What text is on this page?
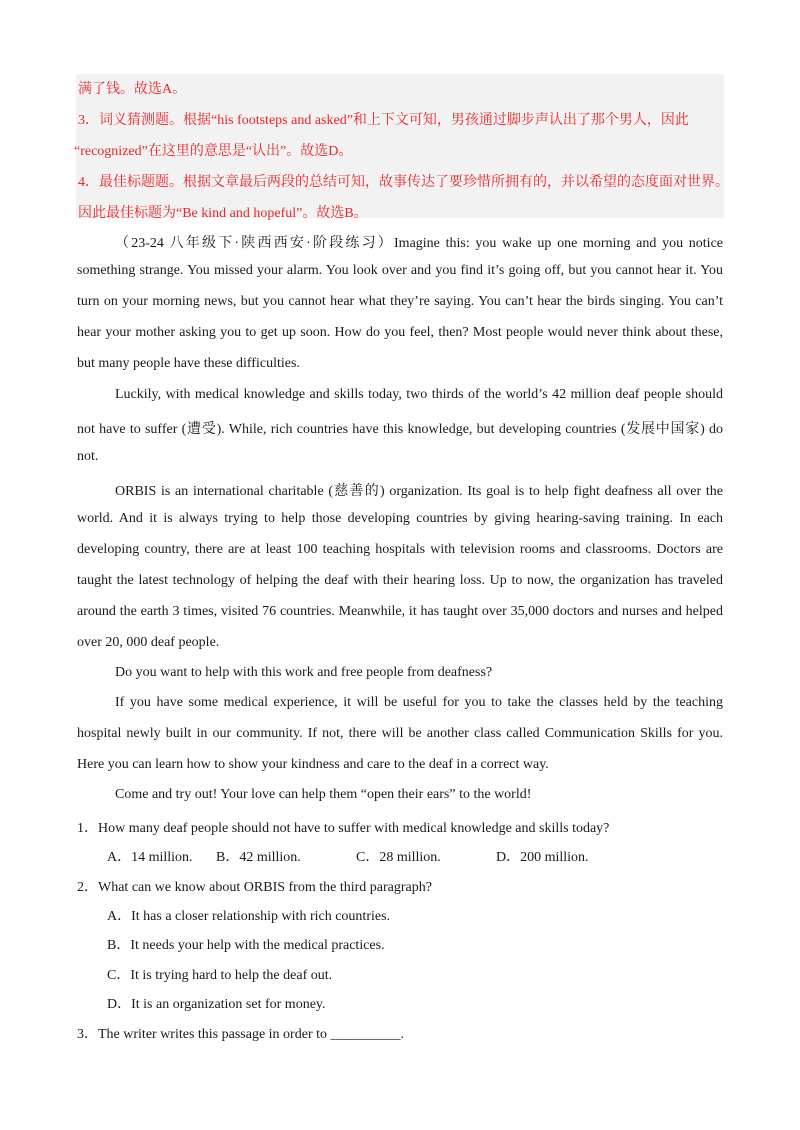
满了钱。故选A。
3．词义猜测题。根据“his footsteps and asked”和上下文可知，男孩通过脚步声认出了那个男人，因此
“recognized”在这里的意思是“认出”。故选D。
4．最佳标题题。根据文章最后两段的总结可知，故事传达了要珍惜所拥有的，并以希望的态度面对世界。
因此最佳标题为“Be kind and hopeful”。故选B。
（23-24 八年级下·陕西西安·阶段练习）Imagine this: you wake up one morning and you notice
something strange. You missed your alarm. You look over and you find it’s going off, but you cannot hear it. You
turn on your morning news, but you cannot hear what they’re saying. You can’t hear the birds singing. You can’t
hear your mother asking you to get up soon. How do you feel, then? Most people would never think about these,
but many people have these difficulties.
Luckily, with medical knowledge and skills today, two thirds of the world’s 42 million deaf people should
not have to suffer (遭受). While, rich countries have this knowledge, but developing countries (发展中国家) do
not.
ORBIS is an international charitable (慈善的) organization. Its goal is to help fight deafness all over the
world. And it is always trying to help those developing countries by giving hearing-saving training. In each
developing country, there are at least 100 teaching hospitals with television rooms and classrooms. Doctors are
taught the latest technology of helping the deaf with their hearing loss. Up to now, the organization has traveled
around the earth 3 times, visited 76 countries. Meanwhile, it has taught over 35,000 doctors and nurses and helped
over 20, 000 deaf people.
Do you want to help with this work and free people from deafness?
If you have some medical experience, it will be useful for you to take the classes held by the teaching
hospital newly built in our community. If not, there will be another class called Communication Skills for you.
Here you can learn how to show your kindness and care to the deaf in a correct way.
Come and try out! Your love can help them “open their ears” to the world!
1．How many deaf people should not have to suffer with medical knowledge and skills today?
A．14 million. B．42 million.	C．28 million.	D．200 million.
2．What can we know about ORBIS from the third paragraph?
A．It has a closer relationship with rich countries.
B．It needs your help with the medical practices.
C．It is trying hard to help the deaf out.
D．It is an organization set for money.
3．The writer writes this passage in order to __________.
